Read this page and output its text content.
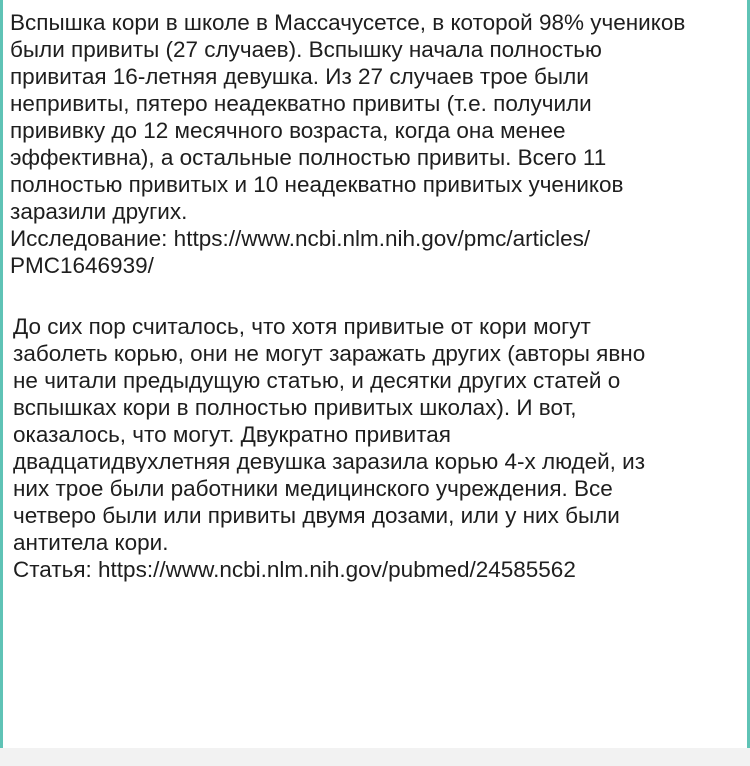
Вспышка кори в школе в Массачусетсе, в которой 98% учеников
были привиты (27 случаев). Вспышку начала полностью
привитая 16-летняя девушка. Из 27 случаев трое были
непривиты, пятеро неадекватно привиты (т.е. получили
прививку до 12 месячного возраста, когда она менее
эффективна), а остальные полностью привиты. Всего 11
полностью привитых и 10 неадекватно привитых учеников
заразили других.
Исследование: https://www.ncbi.nlm.nih.gov/pmc/articles/
PMC1646939/
До сих пор считалось, что хотя привитые от кори могут
заболеть корью, они не могут заражать других (авторы явно
не читали предыдущую статью, и десятки других статей о
вспышках кори в полностью привитых школах). И вот,
оказалось, что могут. Двукратно привитая
двадцатидвухлетняя девушка заразила корью 4-х людей, из
них трое были работники медицинского учреждения. Все
четверо были или привиты двумя дозами, или у них были
антитела кори.
Статья: https://www.ncbi.nlm.nih.gov/pubmed/24585562
